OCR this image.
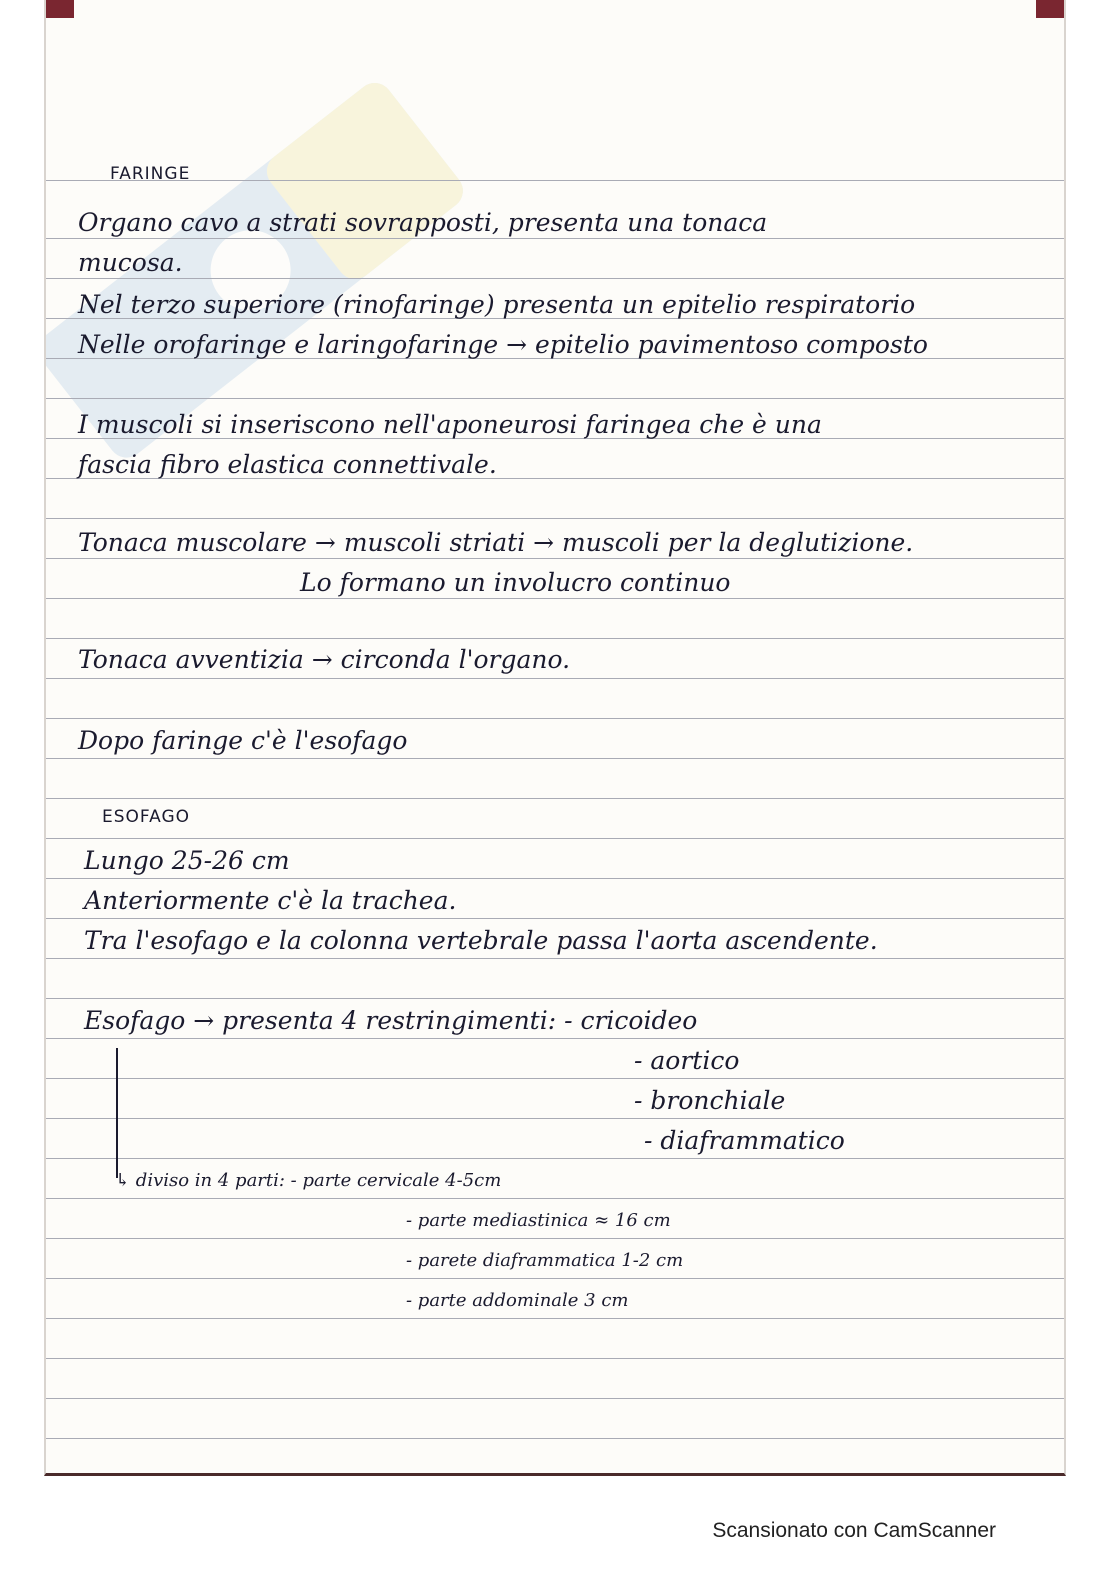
FARINGE
Organo cavo a strati sovrapposti, presenta una tonaca
mucosa.
Nel terzo superiore (rinofaringe) presenta un epitelio respiratorio
Nelle orofaringe e laringofaringe → epitelio pavimentoso composto
I muscoli si inseriscono nell'aponeurosi faringea che è una
fascia fibro elastica connettivale.
Tonaca muscolare → muscoli striati → muscoli per la deglutizione.
Lo formano un involucro continuo
Tonaca avventizia → circonda l'organo.
Dopo faringe c'è l'esofago
ESOFAGO
Lungo 25-26 cm
Anteriormente c'è la trachea.
Tra l'esofago e la colonna vertebrale passa l'aorta ascendente.
Esofago → presenta 4 restringimenti: - cricoideo
- aortico
- bronchiale
- diaframmatico
↳ diviso in 4 parti: - parte cervicale 4-5cm
- parte mediastinica ≈ 16 cm
- parete diaframmatica 1-2 cm
- parte addominale 3 cm
Scansionato con CamScanner
